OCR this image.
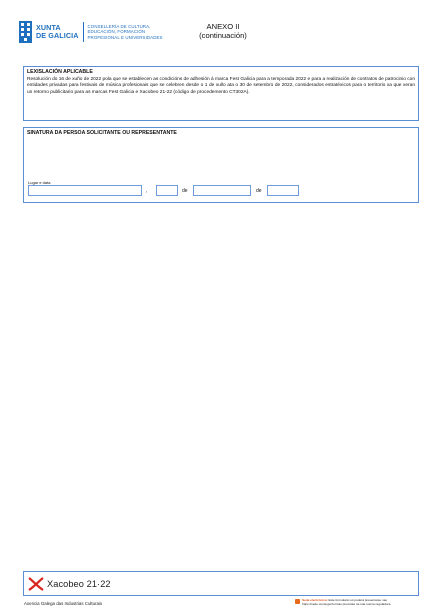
XUNTA
DE GALICIA
CONSELLERÍA DE CULTURA,
EDUCACIÓN, FORMACIÓN
PROFESIONAL E UNIVERSIDADES
ANEXO II
(continuación)
LEXISLACIÓN APLICABLE
Resolución do 16 de xuño de 2022 pola que se establecen as condicións de adhesión á marca Fest Galicia para a temporada 2022 e para a realización de contratos de patrocinio con entidades privadas para festivais de música profesionais que se celebren desde o 1 de xullo ata o 30 de setembro de 2022, considerados estratéxicos para o territorio xa que xeran un retorno publicitario para as marcas Fest Galicia e Xacobeo 21-22 (código de procedemento CT302A).
SINATURA DA PERSOA SOLICITANTE OU REPRESENTANTE
Lugar e data
,	de	de
Xacobeo 21·22
Axencia Galega das Industrias Culturais
Sede electrónica: Este formulario só poderá presentarse nas
https://sede.xunta.gal formas previstas na súa norma reguladora
